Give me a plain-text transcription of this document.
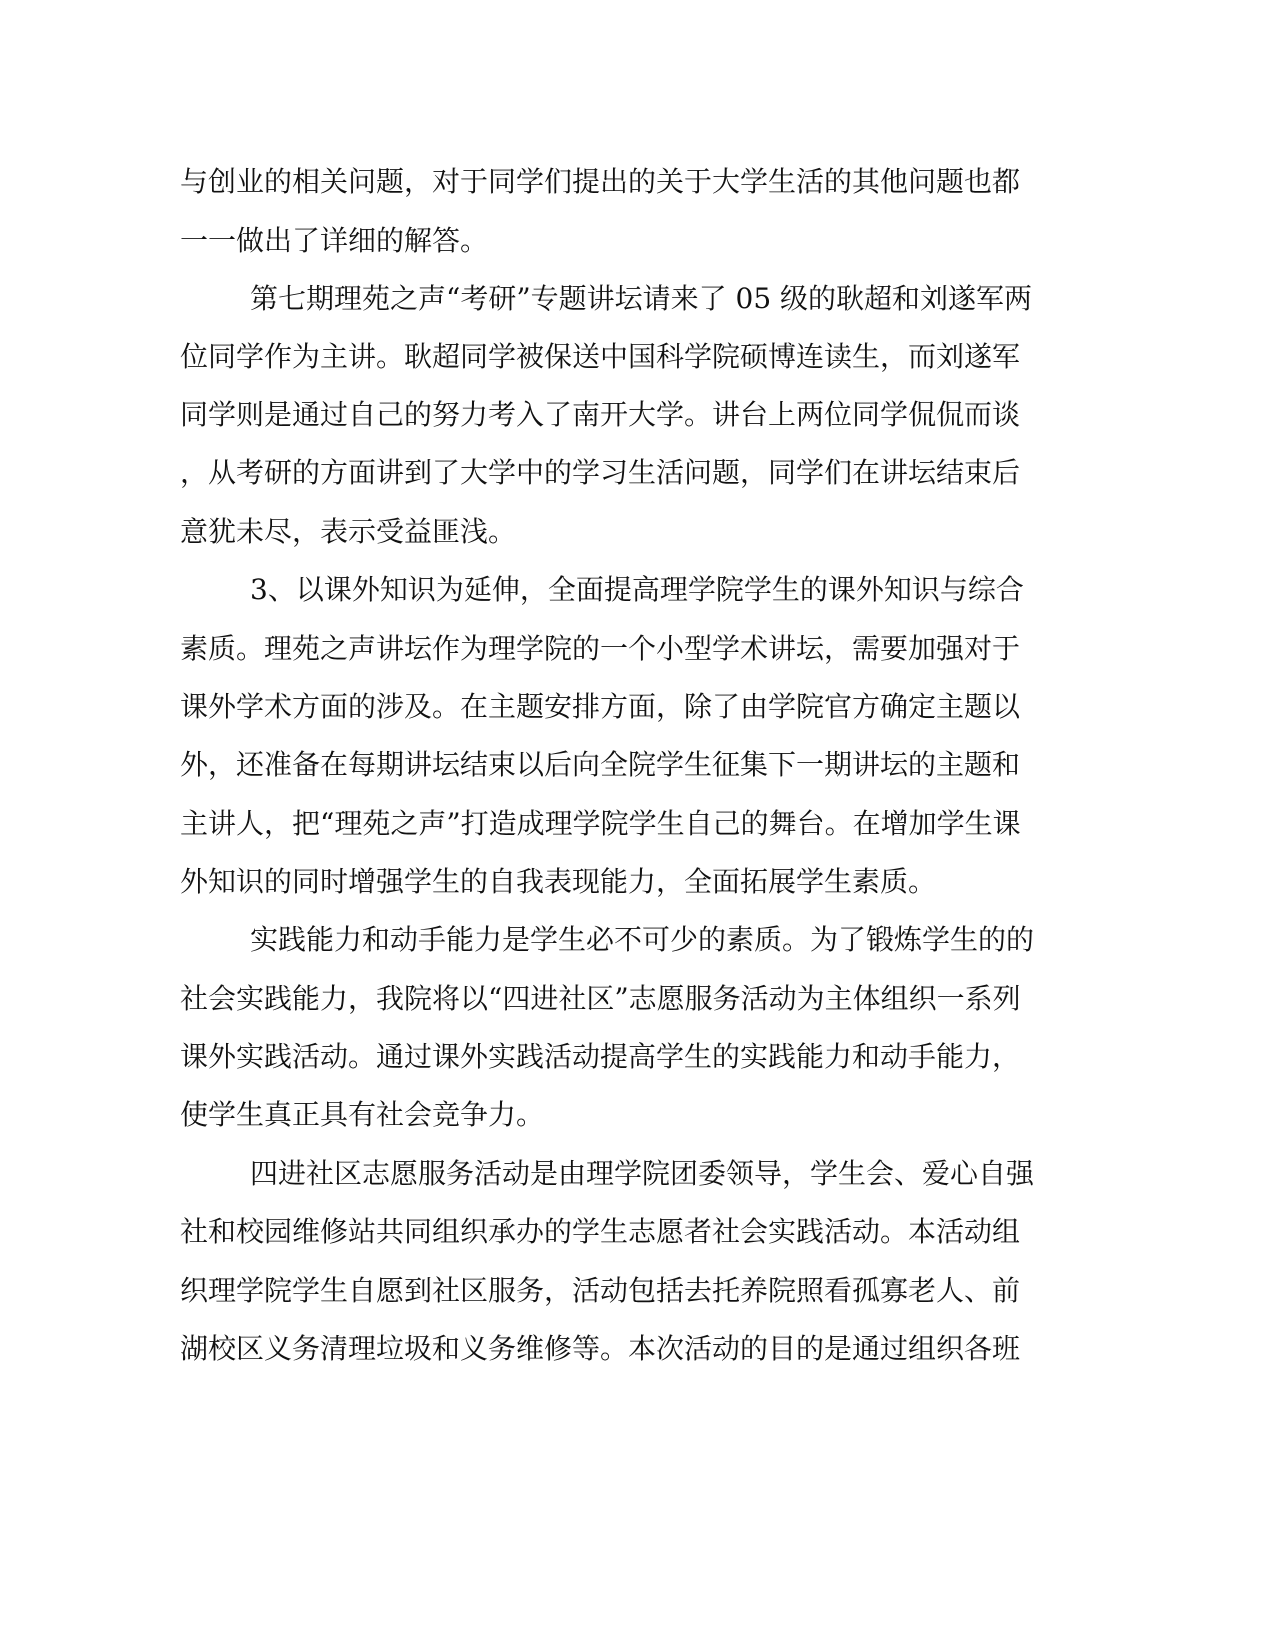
与创业的相关问题，对于同学们提出的关于大学生活的其他问题也都
一一做出了详细的解答。
第七期理苑之声“考研”专题讲坛请来了 05 级的耿超和刘遂军两
位同学作为主讲。耿超同学被保送中国科学院硕博连读生，而刘遂军
同学则是通过自己的努力考入了南开大学。讲台上两位同学侃侃而谈
，从考研的方面讲到了大学中的学习生活问题，同学们在讲坛结束后
意犹未尽，表示受益匪浅。
3、以课外知识为延伸，全面提高理学院学生的课外知识与综合
素质。理苑之声讲坛作为理学院的一个小型学术讲坛，需要加强对于
课外学术方面的涉及。在主题安排方面，除了由学院官方确定主题以
外，还准备在每期讲坛结束以后向全院学生征集下一期讲坛的主题和
主讲人，把“理苑之声”打造成理学院学生自己的舞台。在增加学生课
外知识的同时增强学生的自我表现能力，全面拓展学生素质。
实践能力和动手能力是学生必不可少的素质。为了锻炼学生的的
社会实践能力，我院将以“四进社区”志愿服务活动为主体组织一系列
课外实践活动。通过课外实践活动提高学生的实践能力和动手能力，
使学生真正具有社会竞争力。
四进社区志愿服务活动是由理学院团委领导，学生会、爱心自强
社和校园维修站共同组织承办的学生志愿者社会实践活动。本活动组
织理学院学生自愿到社区服务，活动包括去托养院照看孤寡老人、前
湖校区义务清理垃圾和义务维修等。本次活动的目的是通过组织各班
